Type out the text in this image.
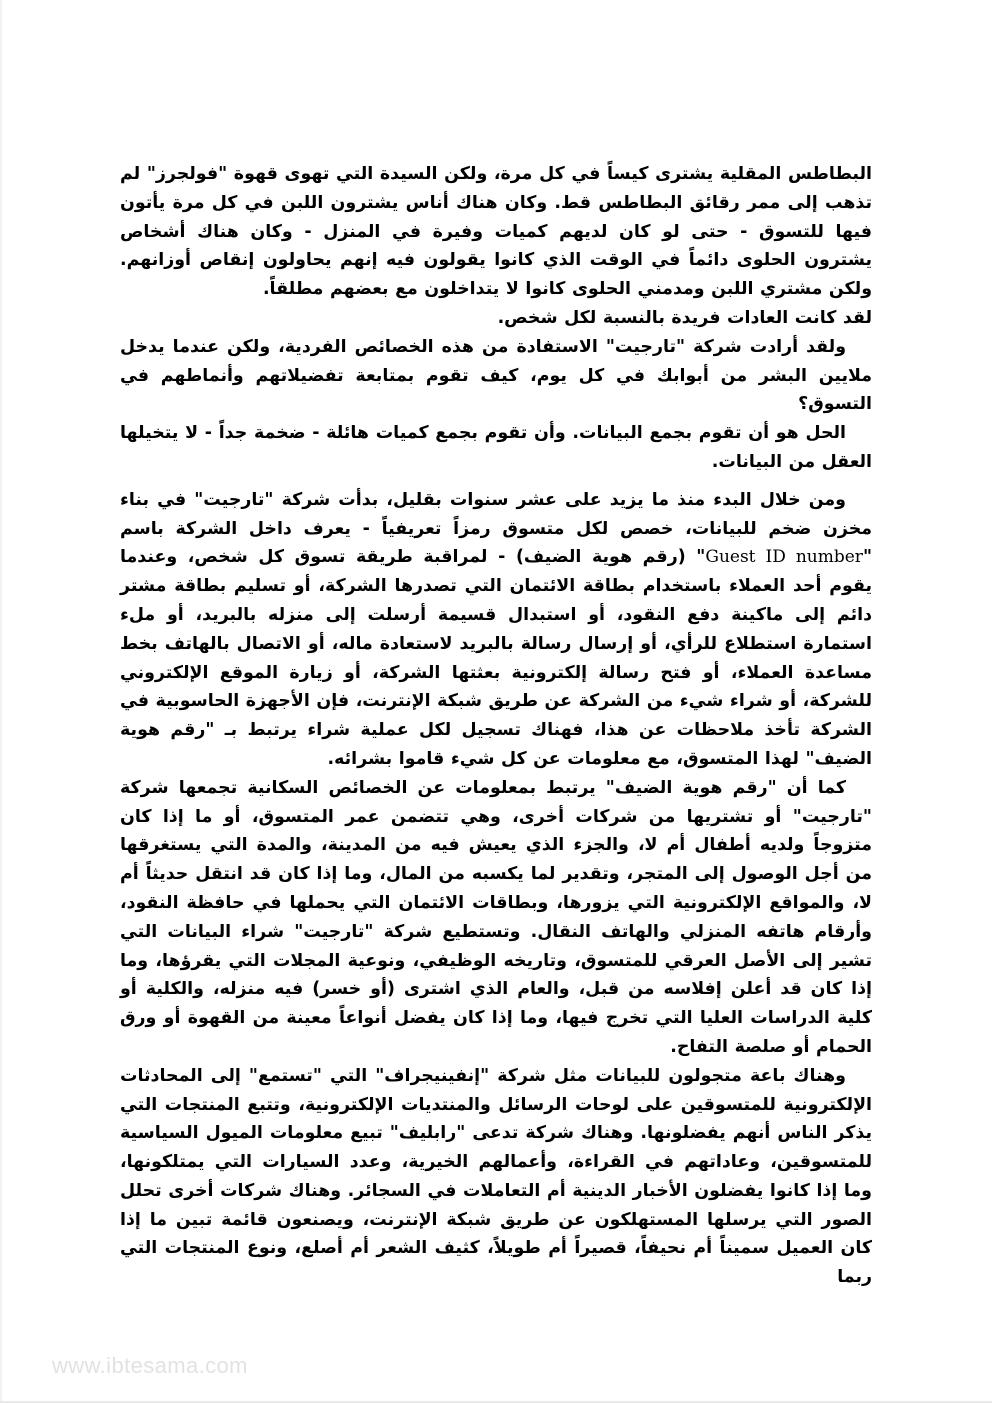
البطاطس المقلية يشترى كيساً في كل مرة، ولكن السيدة التي تهوى قهوة "فولجرز" لم تذهب إلى ممر رقائق البطاطس قط. وكان هناك أناس يشترون اللبن في كل مرة يأتون فيها للتسوق - حتى لو كان لديهم كميات وفيرة في المنزل - وكان هناك أشخاص يشترون الحلوى دائماً في الوقت الذي كانوا يقولون فيه إنهم يحاولون إنقاص أوزانهم. ولكن مشتري اللبن ومدمني الحلوى كانوا لا يتداخلون مع بعضهم مطلقاً.

لقد كانت العادات فريدة بالنسبة لكل شخص.

ولقد أرادت شركة "تارجيت" الاستفادة من هذه الخصائص الفردية، ولكن عندما يدخل ملايين البشر من أبوابك في كل يوم، كيف تقوم بمتابعة تفضيلاتهم وأنماطهم في التسوق؟

الحل هو أن تقوم بجمع البيانات. وأن تقوم بجمع كميات هائلة - ضخمة جداً - لا يتخيلها العقل من البيانات.

ومن خلال البدء منذ ما يزيد على عشر سنوات بقليل، بدأت شركة "تارجيت" في بناء مخزن ضخم للبيانات، خصص لكل متسوق رمزاً تعريفياً - يعرف داخل الشركة باسم "Guest ID number" (رقم هوية الضيف) - لمراقبة طريقة تسوق كل شخص، وعندما يقوم أحد العملاء باستخدام بطاقة الائتمان التي تصدرها الشركة، أو تسليم بطاقة مشتر دائم إلى ماكينة دفع النقود، أو استبدال قسيمة أرسلت إلى منزله بالبريد، أو ملء استمارة استطلاع للرأي، أو إرسال رسالة بالبريد لاستعادة ماله، أو الاتصال بالهاتف بخط مساعدة العملاء، أو فتح رسالة إلكترونية بعثتها الشركة، أو زيارة الموقع الإلكتروني للشركة، أو شراء شيء من الشركة عن طريق شبكة الإنترنت، فإن الأجهزة الحاسوبية في الشركة تأخذ ملاحظات عن هذا، فهناك تسجيل لكل عملية شراء يرتبط بـ "رقم هوية الضيف" لهذا المتسوق، مع معلومات عن كل شيء قاموا بشرائه.

كما أن "رقم هوية الضيف" يرتبط بمعلومات عن الخصائص السكانية تجمعها شركة "تارجيت" أو تشتريها من شركات أخرى، وهي تتضمن عمر المتسوق، أو ما إذا كان متزوجاً ولديه أطفال أم لا، والجزء الذي يعيش فيه من المدينة، والمدة التي يستغرقها من أجل الوصول إلى المتجر، وتقدير لما يكسبه من المال، وما إذا كان قد انتقل حديثاً أم لا، والمواقع الإلكترونية التي يزورها، وبطاقات الائتمان التي يحملها في حافظة النقود، وأرقام هاتفه المنزلي والهاتف النقال. وتستطيع شركة "تارجيت" شراء البيانات التي تشير إلى الأصل العرقي للمتسوق، وتاريخه الوظيفي، ونوعية المجلات التي يقرؤها، وما إذا كان قد أعلن إفلاسه من قبل، والعام الذي اشترى (أو خسر) فيه منزله، والكلية أو كلية الدراسات العليا التي تخرج فيها، وما إذا كان يفضل أنواعاً معينة من القهوة أو ورق الحمام أو صلصة التفاح.

وهناك باعة متجولون للبيانات مثل شركة "إنفينيجراف" التي "تستمع" إلى المحادثات الإلكترونية للمتسوقين على لوحات الرسائل والمنتديات الإلكترونية، وتتبع المنتجات التي يذكر الناس أنهم يفضلونها. وهناك شركة تدعى "رابليف" تبيع معلومات الميول السياسية للمتسوقين، وعاداتهم في القراءة، وأعمالهم الخيرية، وعدد السيارات التي يمتلكونها، وما إذا كانوا يفضلون الأخبار الدينية أم التعاملات في السجائر. وهناك شركات أخرى تحلل الصور التي يرسلها المستهلكون عن طريق شبكة الإنترنت، ويصنعون قائمة تبين ما إذا كان العميل سميناً أم نحيفاً، قصيراً أم طويلاً، كثيف الشعر أم أصلع، ونوع المنتجات التي ربما

www.ibtesama.com
